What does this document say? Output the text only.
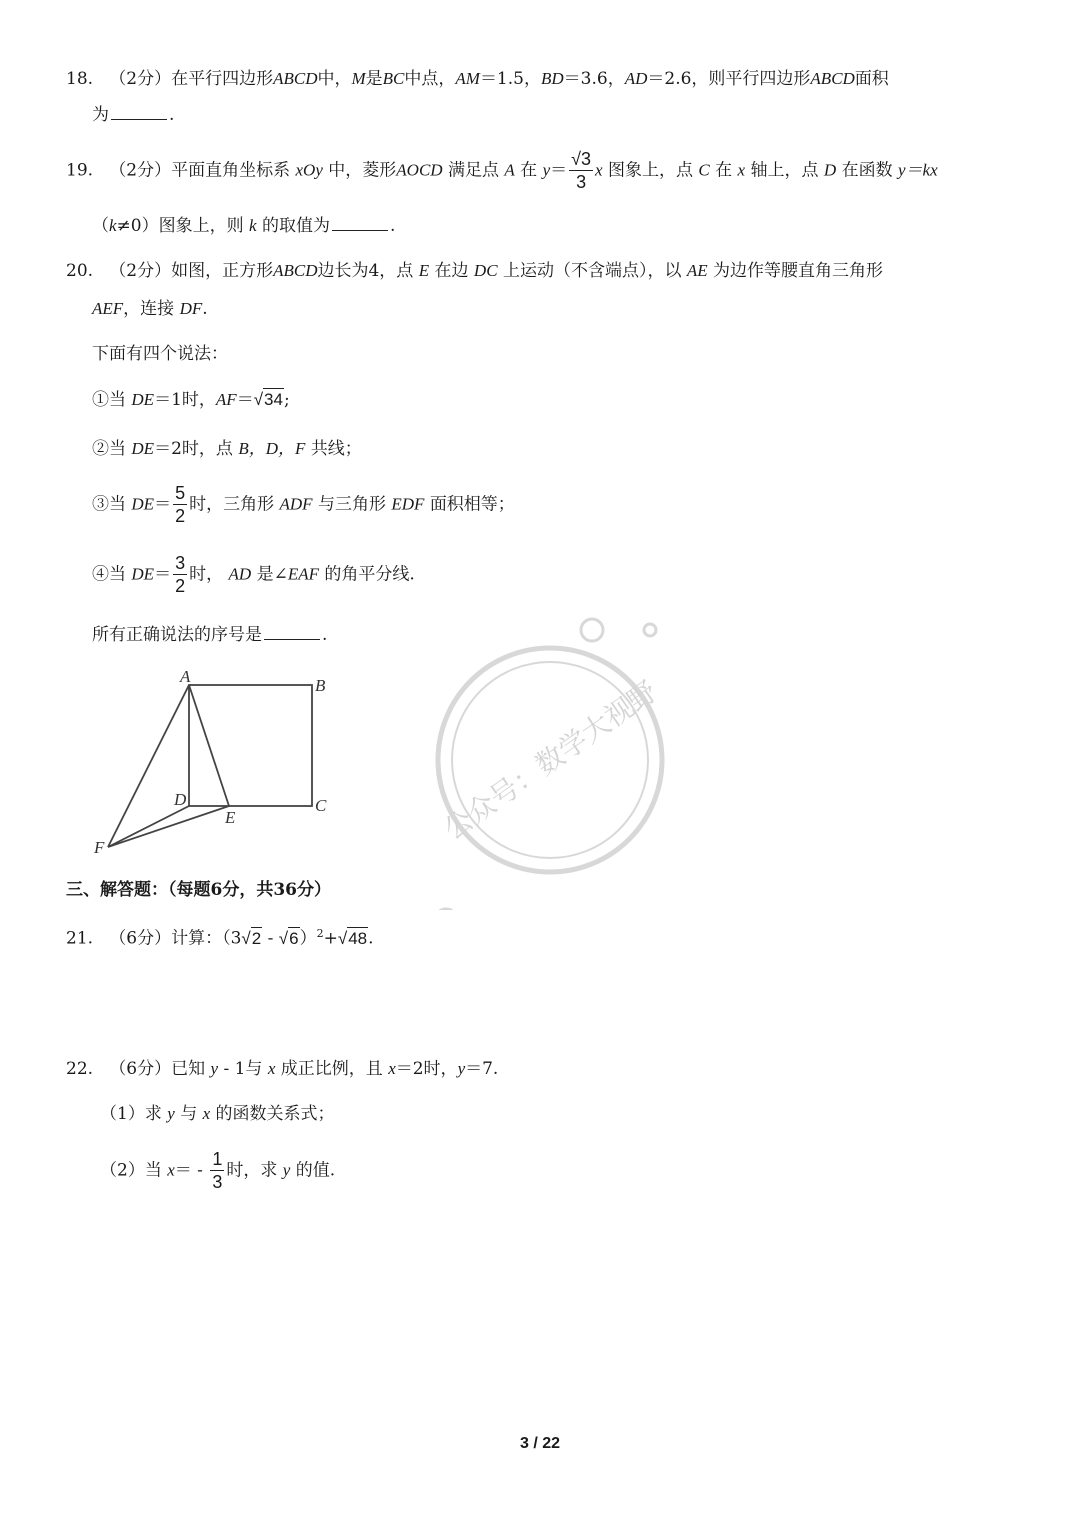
18. （2分）在平行四边形ABCD中，M是BC中点，AM＝1.5，BD＝3.6，AD＝2.6，则平行四边形ABCD面积
为	.
19. （2分）平面直角坐标系 xOy 中，菱形AOCD 满足点 A 在 $y= \frac{√3}{3}$ x 图象上，点 C 在 x 轴上，点 D 在函数 y＝kx
（k≠0）图象上，则 k 的取值为	.
20. （2分）如图，正方形ABCD边长为4，点 E 在边 DC 上运动（不含端点），以 AE 为边作等腰直角三角形
AEF，连接 DF.
下面有四个说法：
①当 DE＝1时，AF＝√34;
②当 DE＝2时，点 B，D，F 共线；
③当 $DE= \frac{5}{2}$ 时，三角形 ADF 与三角形 EDF 面积相等；
④当 $DE= \frac{3}{2}$ 时， AD 是∠EAF 的角平分线.
所有正确说法的序号是	.
A	B
C
D
E
F
公众号：数学大视野
三、解答题：（每题6分，共36分）
21. （6分）计算：（3√2 - √6）$^2$+√48.
22. （6分）已知 y - 1与 x 成正比例，且 x＝2时，y＝7.
（1）求 y 与 x 的函数关系式；
（2）当 $x= - \frac{1}{3}$ 时，求 y 的值.
3 / 22
